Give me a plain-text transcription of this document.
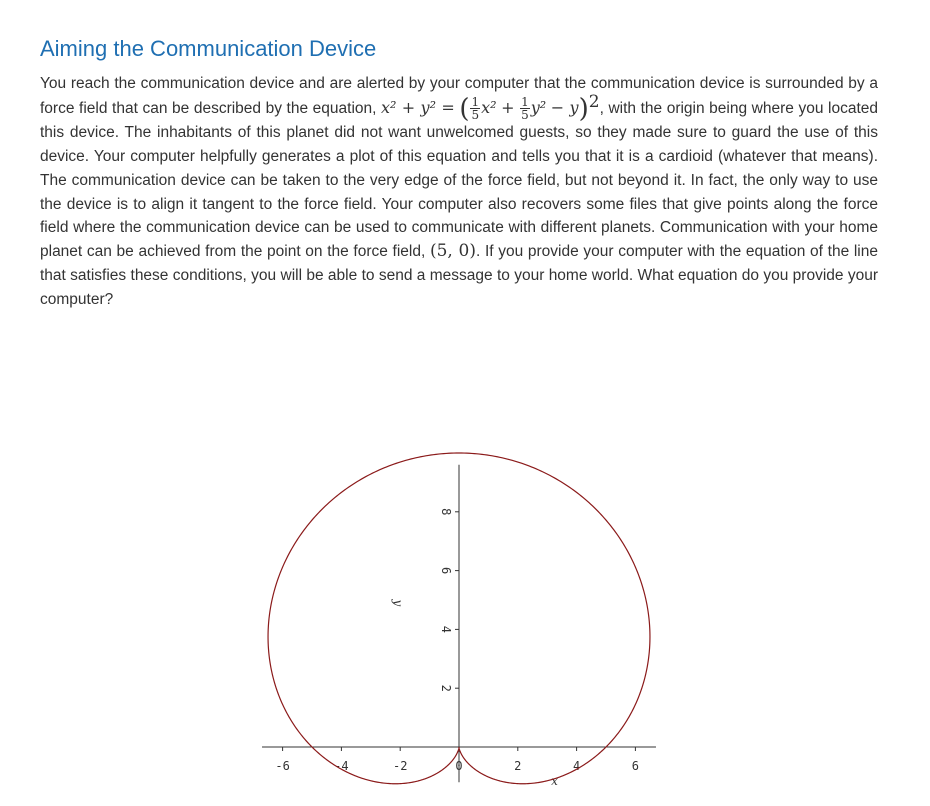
Aiming the Communication Device

You reach the communication device and are alerted by your computer that the communication device is surrounded by a force field that can be described by the equation, x² + y² = ( $\frac{1}{5} x^2 + \frac{1}{5} y^2 - y)^2$, with the origin being where you located this device. The inhabitants of this planet did not want unwelcomed guests, so they made sure to guard the use of this device. Your computer helpfully generates a plot of this equation and tells you that it is a cardioid (whatever that means). The communication device can be taken to the very edge of the force field, but not beyond it. In fact, the only way to use the device is to align it tangent to the force field. Your computer also recovers some files that give points along the force field where the communication device can be used to communicate with different planets. Communication with your home planet can be achieved from the point on the force field, (5, 0). If you provide your computer with the equation of the line that satisfies these conditions, you will be able to send a message to your home world. What equation do you provide your computer?

-6	-4	-2	0	2	4	6
2
4
6
8
x
y
